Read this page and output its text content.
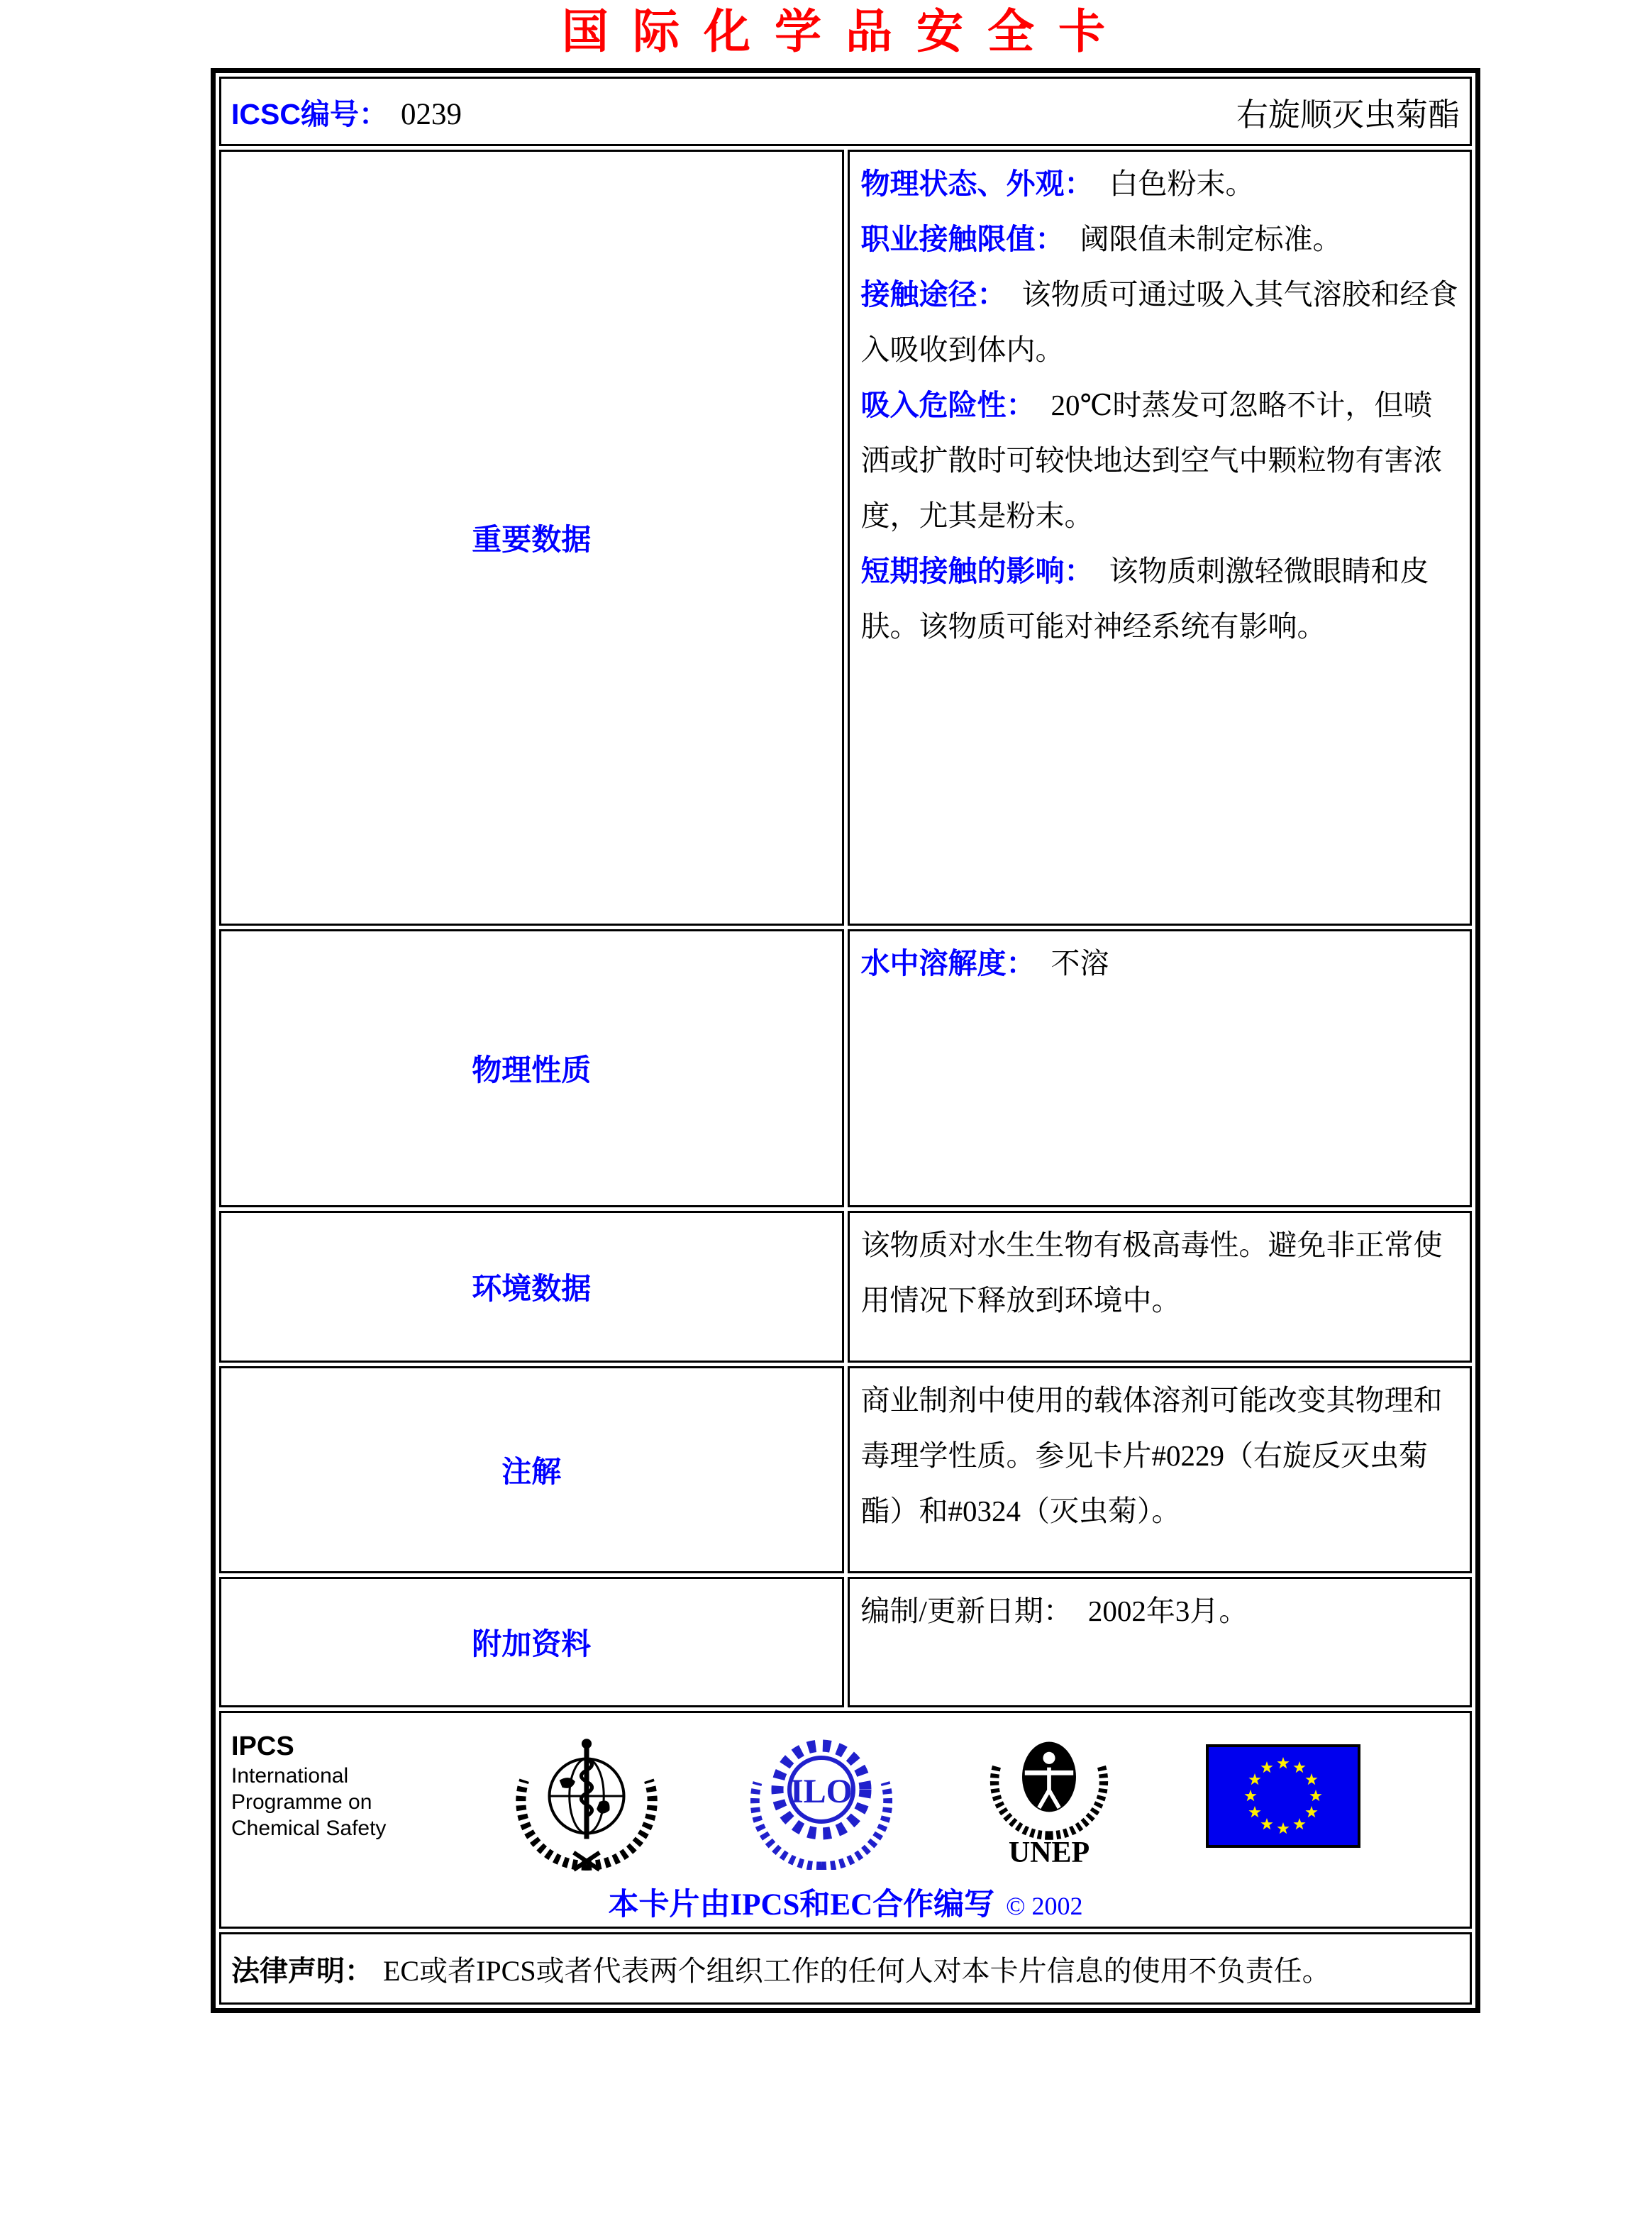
国际化学品安全卡
ICSC编号： 0239 右旋顺灭虫菊酯	

重要数据	物理状态、外观： 白色粉末。
职业接触限值： 阈限值未制定标准。
接触途径： 该物质可通过吸入其气溶胶和经食入吸收到体内。
吸入危险性： 20℃时蒸发可忽略不计，但喷洒或扩散时可较快地达到空气中颗粒物有害浓度，尤其是粉末。
短期接触的影响： 该物质刺激轻微眼睛和皮肤。该物质可能对神经系统有影响。

物理性质	水中溶解度： 不溶

环境数据	该物质对水生生物有极高毒性。避免非正常使用情况下释放到环境中。

注解	商业制剂中使用的载体溶剂可能改变其物理和毒理学性质。参见卡片#0229（右旋反灭虫菊酯）和#0324（灭虫菊）。

附加资料	编制/更新日期： 2002年3月。

IPCS
International
Programme on
Chemical Safety
ILO
UNEP
本卡片由IPCS和EC合作编写 © 2002

法律声明： EC或者IPCS或者代表两个组织工作的任何人对本卡片信息的使用不负责任。	
